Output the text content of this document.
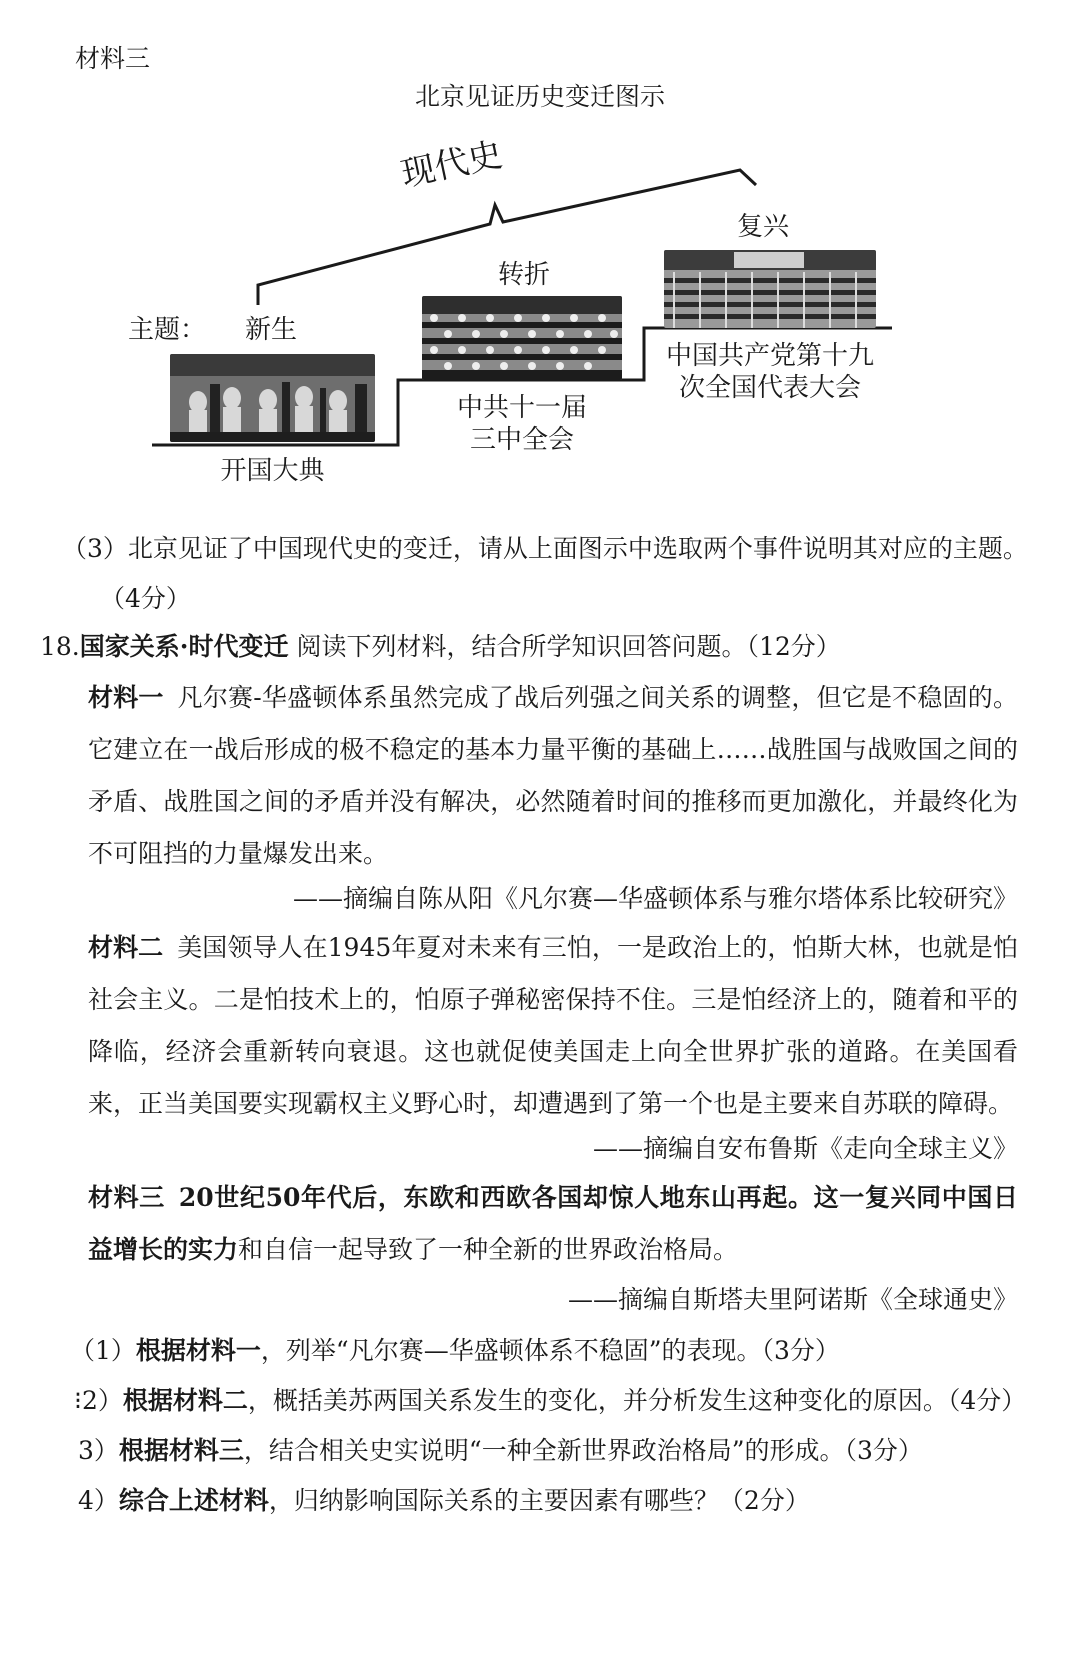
材料三
北京见证历史变迁图示
现代史
主题： 新生
开国大典
转折
中共十一届
三中全会
复兴
中国共产党第十九
次全国代表大会
（3）北京见证了中国现代史的变迁，请从上面图示中选取两个事件说明其对应的主题。
（4分）
18.国家关系·时代变迁 阅读下列材料，结合所学知识回答问题。（12分）
材料一 凡尔赛-华盛顿体系虽然完成了战后列强之间关系的调整，但它是不稳固的。它建立在一战后形成的极不稳定的基本力量平衡的基础上……战胜国与战败国之间的矛盾、战胜国之间的矛盾并没有解决，必然随着时间的推移而更加激化，并最终化为不可阻挡的力量爆发出来。
——摘编自陈从阳《凡尔赛—华盛顿体系与雅尔塔体系比较研究》
材料二 美国领导人在1945年夏对未来有三怕，一是政治上的，怕斯大林，也就是怕社会主义。二是怕技术上的，怕原子弹秘密保持不住。三是怕经济上的，随着和平的降临，经济会重新转向衰退。这也就促使美国走上向全世界扩张的道路。在美国看来，正当美国要实现霸权主义野心时，却遭遇到了第一个也是主要来自苏联的障碍。
——摘编自安布鲁斯《走向全球主义》
材料三 20世纪50年代后，东欧和西欧各国却惊人地东山再起。这一复兴同中国日益增长的实力和自信一起导致了一种全新的世界政治格局。
——摘编自斯塔夫里阿诺斯《全球通史》
（1）根据材料一，列举“凡尔赛—华盛顿体系不稳固”的表现。（3分）
⁝2）根据材料二，概括美苏两国关系发生的变化，并分析发生这种变化的原因。（4分）
3）根据材料三，结合相关史实说明“一种全新世界政治格局”的形成。（3分）
4）综合上述材料，归纳影响国际关系的主要因素有哪些？（2分）
